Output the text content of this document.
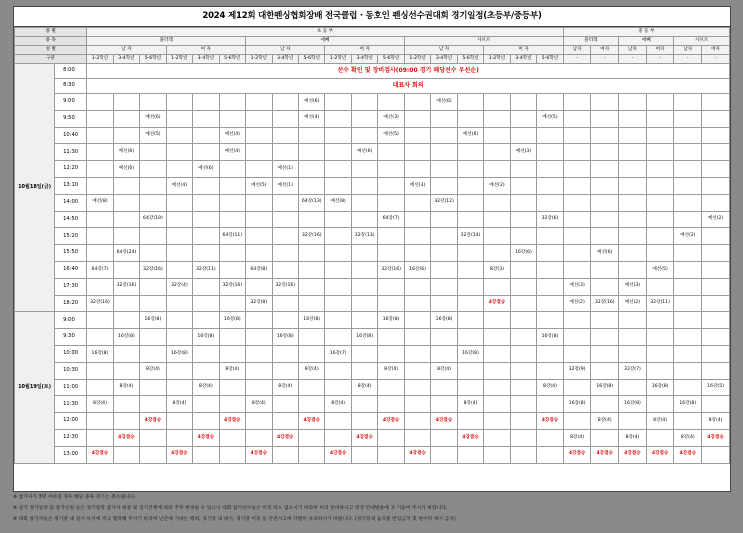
2024 제12회 대한펜싱협회장배 전국클럽 · 동호인 펜싱선수권대회 경기일정(초등부/중등부)
종 별		초 등 부																		중 등 부					
종 목		플러레						에뻬						사브르						플러레		에뻬		사브르	
성 별		남 자			여 자			남 자			여 자			남 자			여 자			남자	여자	남자	여자	남자	여자
구분		1-2학년	3-4학년	5-6학년	1-2학년	3-4학년	5-6학년	1-2학년	3-4학년	5-6학년	1-2학년	3-4학년	5-6학년	1-2학년	3-4학년	5-6학년	1-2학년	3-4학년	5-6학년	-	-	-	-	-	-
10월18일(금)	8:00	선수 확인 및 장비검사(09:00 경기 해당선수 우선순)																							
	8:30	대표자 회의																							
	9:00									예선(6)					예선(6)										
	9:50			예선(6)						예선(4)			예선(3)						예선(5)						
	10:40			예선(5)			예선(4)						예선(5)			예선(6)									
	11:30		예선(6)				예선(4)					예선(6)						예선(3)							
	12:20		예선(6)			예선(6)			예선(1)																
	13:10				예선(4)			예선(5)	예선(1)					예선(3)			예선(2)								
	14:00	예선(8)								64강(13)	예선(8)				32강(12)										
	14:50			64강(19)									64강(7)						32강(6)						예선(2)
	15:20						64강(11)			32강(16)		32강(13)				32강(14)								예선(2)	
	15:50		64강(24)															16강(6)			예선(6)				
	16:40	64강(7)		32강(16)		32강(11)		64강(8)					32강(16)	16강(6)			8강(3)						예선(5)		
	17:30		32강(16)		32강(4)		32강(16)		32강(16)											예선(3)		예선(3)			
	18:20	32강(16)						32강(8)									4강결승			예선(2)	32강(16)	예선(2)	32강(11)		
10월19일(토)	9:00			16강(8)			16강(8)			16강(8)			16강(8)		16강(8)										
	9:30		16강(8)			16강(8)			16강(8)			16강(8)							16강(8)						
	10:00	16강(8)			16강(8)						16강(7)					16강(8)									
	10:30			8강(4)			8강(4)			8강(4)			8강(4)		8강(4)					32강(9)		32강(7)			
	11:00		8강(4)			8강(4)			8강(4)			8강(4)							8강(4)		16강(8)		16강(8)		16강(5)
	11:30	8강(4)			8강(4)			8강(4)			8강(4)					8강(4)				16강(8)		16강(8)		16강(8)	
	12:00			4강결승			4강결승			4강결승			4강결승		4강결승				4강결승		8강(4)		8강(4)		8강(4)
	12:30		4강결승			4강결승			4강결승			4강결승				4강결승				8강(4)		8강(4)		8강(4)	4강결승
	13:00	4강결승			4강결승			4강결승			4강결승			4강결승						4강결승	4강결승	4강결승	4강결승	4강결승	
※ 참가자가 3명 이하일 경우 해당 종목 경기는 취소됩니다.
※ 상기 경기일정 및 참가인원 등은 경기일정 참가자 최종 및 경기진행에 따라 추후 변경될 수 있으니 대회 참가선수들은 미정 착오 없으시기 바라며 미리 준비하시고 항상 안내방송에 귀 기울여 주시기 바랍니다.
※ 대회 참가자들은 경기장 내 질서 유지에 적극 협력해 주시기 바라며 난간에 기대는 행위, 경기장 내 대기, 경기장 이동 등 안전사고에 각별히 유의하시기 바랍니다. (경기장내 음식물 반입금지 및 현수막 게시 금지)
